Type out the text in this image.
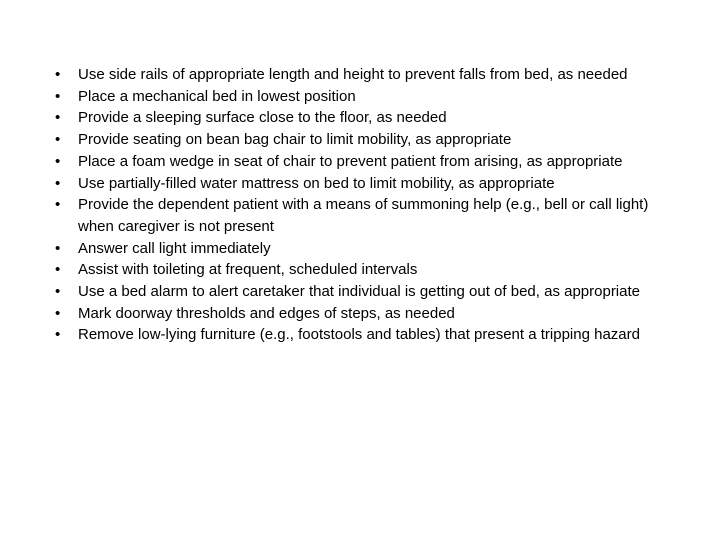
•	Use side rails of appropriate length and height to prevent falls from bed, as needed
•	Place a mechanical bed in lowest position
•	Provide a sleeping surface close to the floor, as needed
•	Provide seating on bean bag chair to limit mobility, as appropriate
•	Place a foam wedge in seat of chair to prevent patient from arising, as appropriate
•	Use partially-filled water mattress on bed to limit mobility, as appropriate
•	Provide the dependent patient with a means of summoning help (e.g., bell or call light) when caregiver is not present
•	Answer call light immediately
•	Assist with toileting at frequent, scheduled intervals
•	Use a bed alarm to alert caretaker that individual is getting out of bed, as appropriate
•	Mark doorway thresholds and edges of steps, as needed
•	Remove low-lying furniture (e.g., footstools and tables) that present a tripping hazard
